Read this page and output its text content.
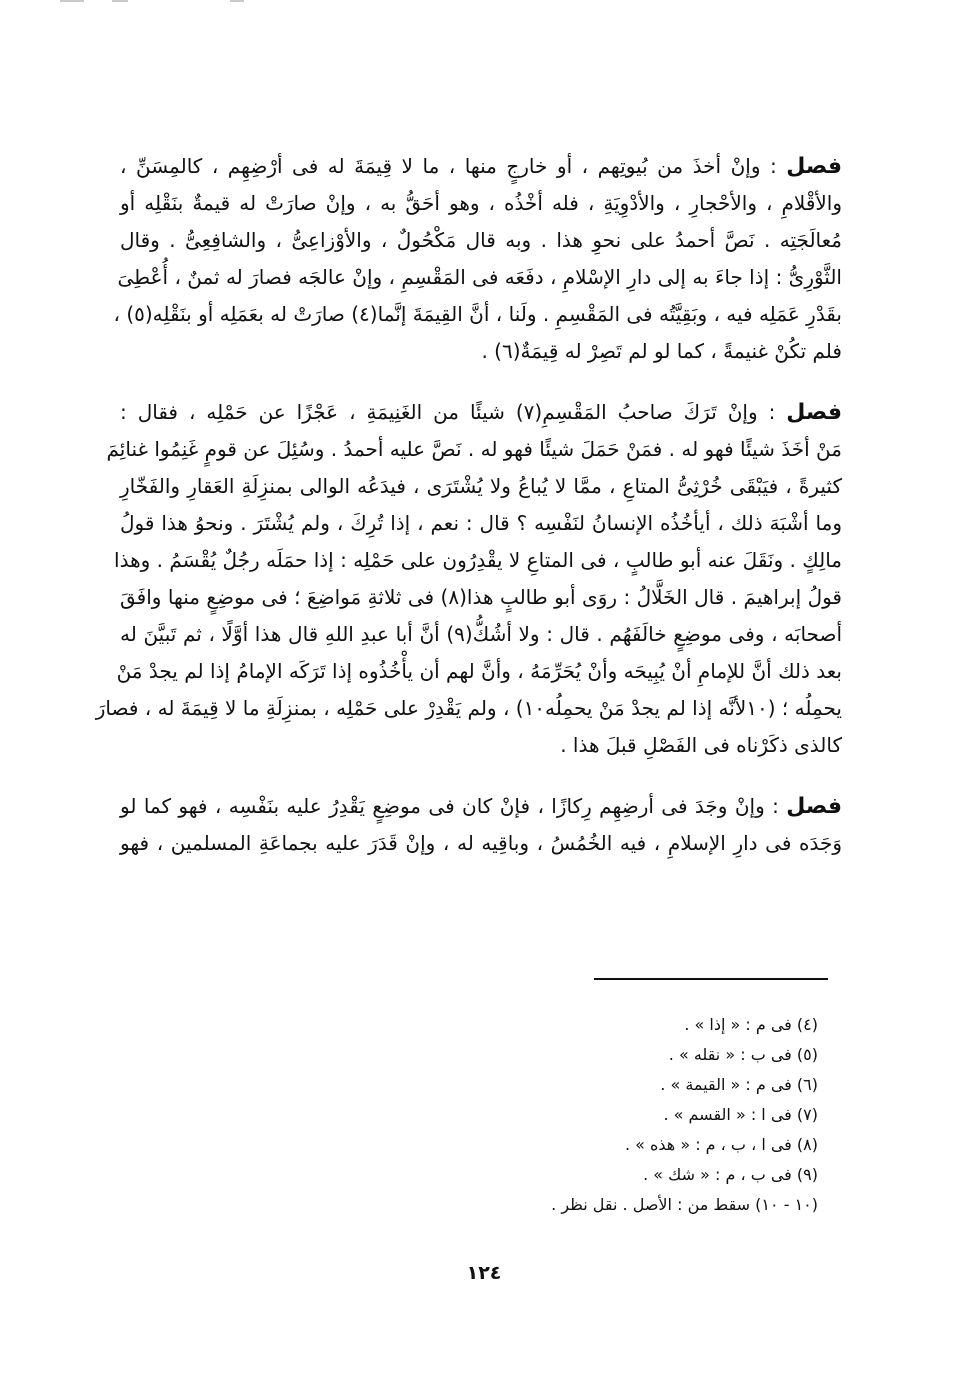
فصل : وإنْ أخذَ من بُيوتِهم ، أو خارجٍ منها ، ما لا قِيمَةَ له فى أرْضِهِم ، كالمِسَنِّ ،
والأقْلامِ ، والأحْجارِ ، والأدْوِيَةِ ، فله أخْذُه ، وهو أحَقُّ به ، وإنْ صارَتْ له قيمةٌ بنَقْلِه أو
مُعالَجَتِه . نَصَّ أحمدُ على نحوِ هذا . وبه قال مَكْحُولٌ ، والأوْزاعِىُّ ، والشافِعِىُّ . وقال
الثَّوْرِىُّ : إذا جاءَ به إلى دارِ الإسْلامِ ، دفَعَه فى المَقْسِمِ ، وإنْ عالجَه فصارَ له ثمنٌ ، أُعْطِىَ
بقَدْرِ عَمَلِه فيه ، وبَقِيَّتُه فى المَقْسِمِ . ولَنا ، أنَّ القِيمَةَ إنَّما(٤) صارَتْ له بعَمَلِه أو بنَقْلِه(٥) ،
فلم تكُنْ غنيمةً ، كما لو لم تَصِرْ له قِيمَةٌ(٦) .
فصل : وإنْ تَرَكَ صاحبُ المَقْسِمِ(٧) شيئًا من الغَنِيمَةِ ، عَجْزًا عن حَمْلِه ، فقال :
مَنْ أخَذَ شيئًا فهو له . فمَنْ حَمَلَ شيئًا فهو له . نَصَّ عليه أحمدُ . وسُئِلَ عن قومٍ غَنِمُوا غنائِمَ
كثيرةً ، فيَبْقَى خُرْثِىُّ المتاعِ ، ممَّا لا يُباعُ ولا يُشْتَرَى ، فيدَعُه الوالى بمنزِلَةِ العَقارِ والفَخّارِ
وما أشْبَهَ ذلك ، أيأخُذُه الإنسانُ لنَفْسِه ؟ قال : نعم ، إذا تُرِكَ ، ولم يُشْتَرَ . ونحوُ هذا قولُ
مالِكٍ . ونَقَلَ عنه أبو طالبٍ ، فى المتاعِ لا يقْدِرُون على حَمْلِه : إذا حمَلَه رجُلٌ يُقْسَمُ . وهذا
قولُ إبراهيمَ . قال الخَلَّالُ : روَى أبو طالبٍ هذا(٨) فى ثلاثةِ مَواضِعَ ؛ فى موضِعٍ منها وافَقَ
أصحابَه ، وفى موضِعٍ خالَفَهُم . قال : ولا أشُكُّ(٩) أنَّ أبا عبدِ اللهِ قال هذا أوَّلًا ، ثم تَبيَّنَ له
بعد ذلك أنَّ للإمامِ أنْ يُبِيحَه وأنْ يُحَرِّمَهُ ، وأنَّ لهم أن يأْخُذُوه إذا تَرَكَه الإمامُ إذا لم يجدْ مَنْ
يحمِلُه ؛ (١٠لأنَّه إذا لم يجدْ مَنْ يحمِلُه١٠) ، ولم يَقْدِرْ على حَمْلِه ، بمنزِلَةِ ما لا قِيمَةَ له ، فصارَ
كالذى ذكَرْناه فى الفَصْلِ قبلَ هذا .
فصل : وإنْ وجَدَ فى أرضِهِم رِكازًا ، فإنْ كان فى موضِعٍ يَقْدِرُ عليه بنَفْسِه ، فهو كما لو
وَجَدَه فى دارِ الإسلامِ ، فيه الخُمُسُ ، وباقِيه له ، وإنْ قَدَرَ عليه بجماعَةِ المسلمين ، فهو
(٤) فى م : « إذا » .
(٥) فى ب : « نقله » .
(٦) فى م : « القيمة » .
(٧) فى ا : « القسم » .
(٨) فى ا ، ب ، م : « هذه » .
(٩) فى ب ، م : « شك » .
(١٠ - ١٠) سقط من : الأصل . نقل نظر .
١٢٤
